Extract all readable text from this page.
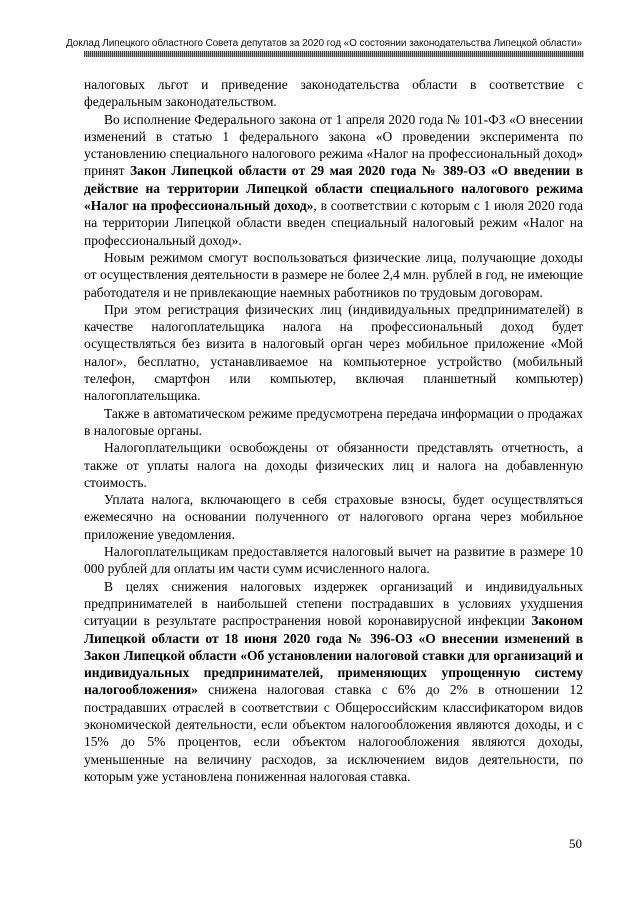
Доклад Липецкого областного Совета депутатов за 2020 год «О состоянии законодательства Липецкой области»

налоговых льгот и приведение законодательства области в соответствие с федеральным законодательством.

Во исполнение Федерального закона от 1 апреля 2020 года № 101-ФЗ «О внесении изменений в статью 1 федерального закона «О проведении эксперимента по установлению специального налогового режима «Налог на профессиональный доход» принят Закон Липецкой области от 29 мая 2020 года № 389-ОЗ «О введении в действие на территории Липецкой области специального налогового режима «Налог на профессиональный доход», в соответствии с которым с 1 июля 2020 года на территории Липецкой области введен специальный налоговый режим «Налог на профессиональный доход».

Новым режимом смогут воспользоваться физические лица, получающие доходы от осуществления деятельности в размере не более 2,4 млн. рублей в год, не имеющие работодателя и не привлекающие наемных работников по трудовым договорам.

При этом регистрация физических лиц (индивидуальных предпринимателей) в качестве налогоплательщика налога на профессиональный доход будет осуществляться без визита в налоговый орган через мобильное приложение «Мой налог», бесплатно, устанавливаемое на компьютерное устройство (мобильный телефон, смартфон или компьютер, включая планшетный компьютер) налогоплательщика.

Также в автоматическом режиме предусмотрена передача информации о продажах в налоговые органы.

Налогоплательщики освобождены от обязанности представлять отчетность, а также от уплаты налога на доходы физических лиц и налога на добавленную стоимость.

Уплата налога, включающего в себя страховые взносы, будет осуществляться ежемесячно на основании полученного от налогового органа через мобильное приложение уведомления.

Налогоплательщикам предоставляется налоговый вычет на развитие в размере 10 000 рублей для оплаты им части сумм исчисленного налога.

В целях снижения налоговых издержек организаций и индивидуальных предпринимателей в наибольшей степени пострадавших в условиях ухудшения ситуации в результате распространения новой коронавирусной инфекции Законом Липецкой области от 18 июня 2020 года № 396-ОЗ «О внесении изменений в Закон Липецкой области «Об установлении налоговой ставки для организаций и индивидуальных предпринимателей, применяющих упрощенную систему налогообложения» снижена налоговая ставка с 6% до 2% в отношении 12 пострадавших отраслей в соответствии с Общероссийским классификатором видов экономической деятельности, если объектом налогообложения являются доходы, и с 15% до 5% процентов, если объектом налогообложения являются доходы, уменьшенные на величину расходов, за исключением видов деятельности, по которым уже установлена пониженная налоговая ставка.

50
